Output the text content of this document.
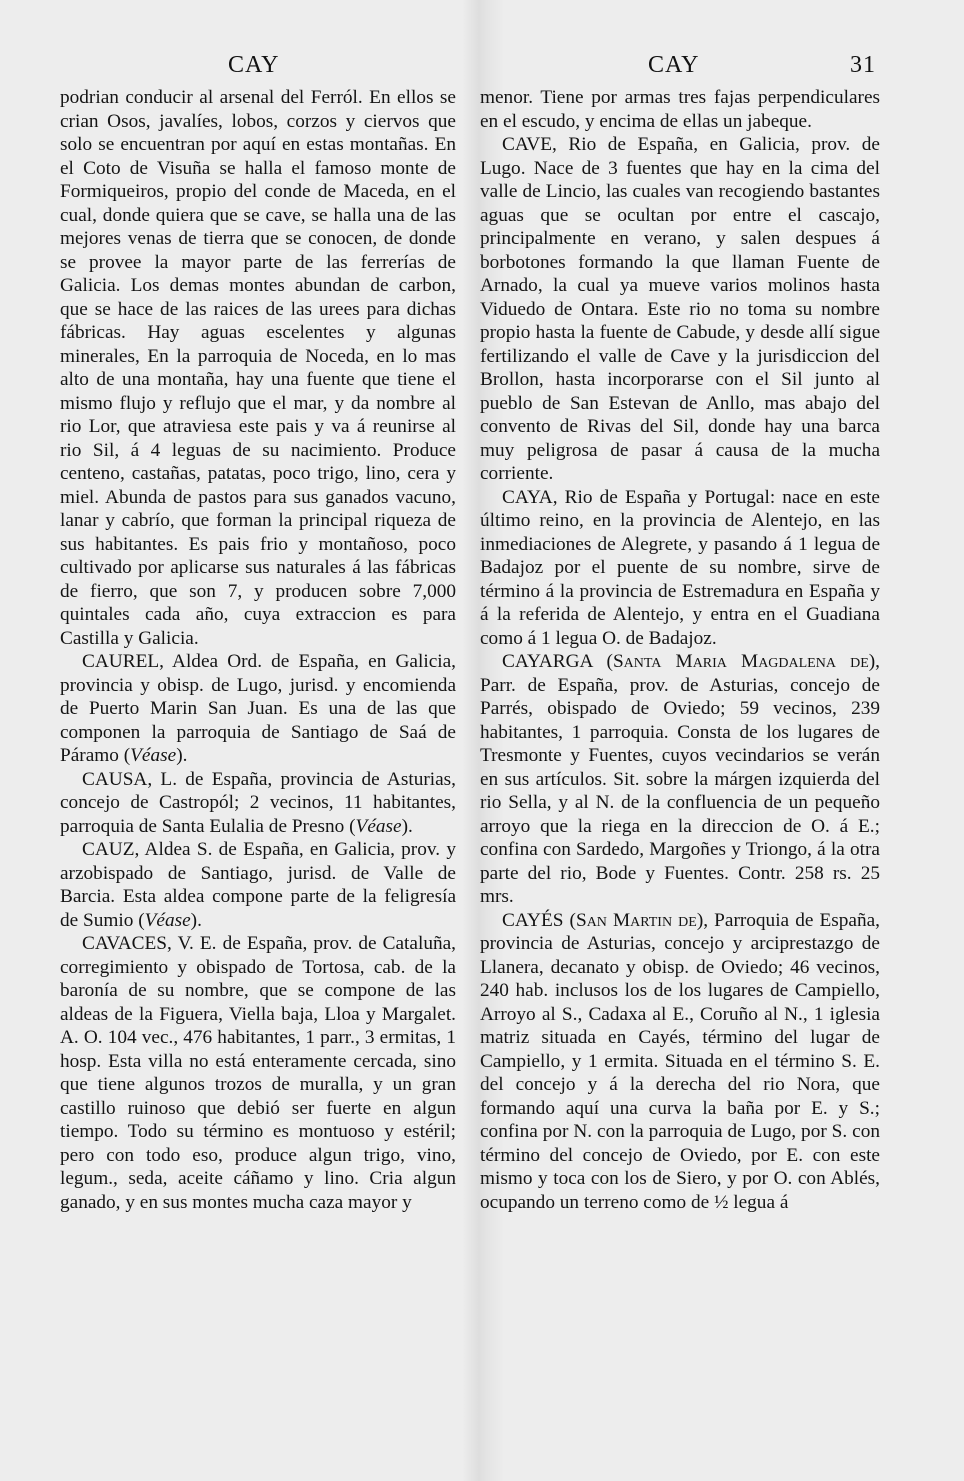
CAY	CAY	31

podrian conducir al arsenal del Ferról. En ellos se crian Osos, javalíes, lobos, corzos y ciervos que solo se encuentran por aquí en estas montañas. En el Coto de Visuña se halla el famoso monte de Formiqueiros, propio del conde de Maceda, en el cual, donde quiera que se cave, se halla una de las mejores venas de tierra que se conocen, de donde se provee la mayor parte de las ferrerías de Galicia. Los demas montes abundan de carbon, que se hace de las raices de las urees para dichas fábricas. Hay aguas escelentes y algunas minerales, En la parroquia de Noceda, en lo mas alto de una montaña, hay una fuente que tiene el mismo flujo y reflujo que el mar, y da nombre al rio Lor, que atraviesa este pais y va á reunirse al rio Sil, á 4 leguas de su nacimiento. Produce centeno, castañas, patatas, poco trigo, lino, cera y miel. Abunda de pastos para sus ganados vacuno, lanar y cabrío, que forman la principal riqueza de sus habitantes. Es pais frio y montañoso, poco cultivado por aplicarse sus naturales á las fábricas de fierro, que son 7, y producen sobre 7,000 quintales cada año, cuya extraccion es para Castilla y Galicia.

CAUREL, Aldea Ord. de España, en Galicia, provincia y obisp. de Lugo, jurisd. y encomienda de Puerto Marin San Juan. Es una de las que componen la parroquia de Santiago de Saá de Páramo (Véase).

CAUSA, L. de España, provincia de Asturias, concejo de Castropól; 2 vecinos, 11 habitantes, parroquia de Santa Eulalia de Presno (Véase).

CAUZ, Aldea S. de España, en Galicia, prov. y arzobispado de Santiago, jurisd. de Valle de Barcia. Esta aldea compone parte de la feligresía de Sumio (Véase).

CAVACES, V. E. de España, prov. de Cataluña, corregimiento y obispado de Tortosa, cab. de la baronía de su nombre, que se compone de las aldeas de la Figuera, Viella baja, Lloa y Margalet. A. O. 104 vec., 476 habitantes, 1 parr., 3 ermitas, 1 hosp. Esta villa no está enteramente cercada, sino que tiene algunos trozos de muralla, y un gran castillo ruinoso que debió ser fuerte en algun tiempo. Todo su término es montuoso y estéril; pero con todo eso, produce algun trigo, vino, legum., seda, aceite cáñamo y lino. Cria algun ganado, y en sus montes mucha caza mayor y

menor. Tiene por armas tres fajas perpendiculares en el escudo, y encima de ellas un jabeque.

CAVE, Rio de España, en Galicia, prov. de Lugo. Nace de 3 fuentes que hay en la cima del valle de Lincio, las cuales van recogiendo bastantes aguas que se ocultan por entre el cascajo, principalmente en verano, y salen despues á borbotones formando la que llaman Fuente de Arnado, la cual ya mueve varios molinos hasta Viduedo de Ontara. Este rio no toma su nombre propio hasta la fuente de Cabude, y desde allí sigue fertilizando el valle de Cave y la jurisdiccion del Brollon, hasta incorporarse con el Sil junto al pueblo de San Estevan de Anllo, mas abajo del convento de Rivas del Sil, donde hay una barca muy peligrosa de pasar á causa de la mucha corriente.

CAYA, Rio de España y Portugal: nace en este último reino, en la provincia de Alentejo, en las inmediaciones de Alegrete, y pasando á 1 legua de Badajoz por el puente de su nombre, sirve de término á la provincia de Estremadura en España y á la referida de Alentejo, y entra en el Guadiana como á 1 legua O. de Badajoz.

CAYARGA (Santa Maria Magdalena de), Parr. de España, prov. de Asturias, concejo de Parrés, obispado de Oviedo; 59 vecinos, 239 habitantes, 1 parroquia. Consta de los lugares de Tresmonte y Fuentes, cuyos vecindarios se verán en sus artículos. Sit. sobre la márgen izquierda del rio Sella, y al N. de la confluencia de un pequeño arroyo que la riega en la direccion de O. á E.; confina con Sardedo, Margoñes y Triongo, á la otra parte del rio, Bode y Fuentes. Contr. 258 rs. 25 mrs.

CAYÉS (San Martin de), Parroquia de España, provincia de Asturias, concejo y arciprestazgo de Llanera, decanato y obisp. de Oviedo; 46 vecinos, 240 hab. inclusos los de los lugares de Campiello, Arroyo al S., Cadaxa al E., Coruño al N., 1 iglesia matriz situada en Cayés, término del lugar de Campiello, y 1 ermita. Situada en el término S. E. del concejo y á la derecha del rio Nora, que formando aquí una curva la baña por E. y S.; confina por N. con la parroquia de Lugo, por S. con término del concejo de Oviedo, por E. con este mismo y toca con los de Siero, y por O. con Ablés, ocupando un terreno como de ½ legua á
